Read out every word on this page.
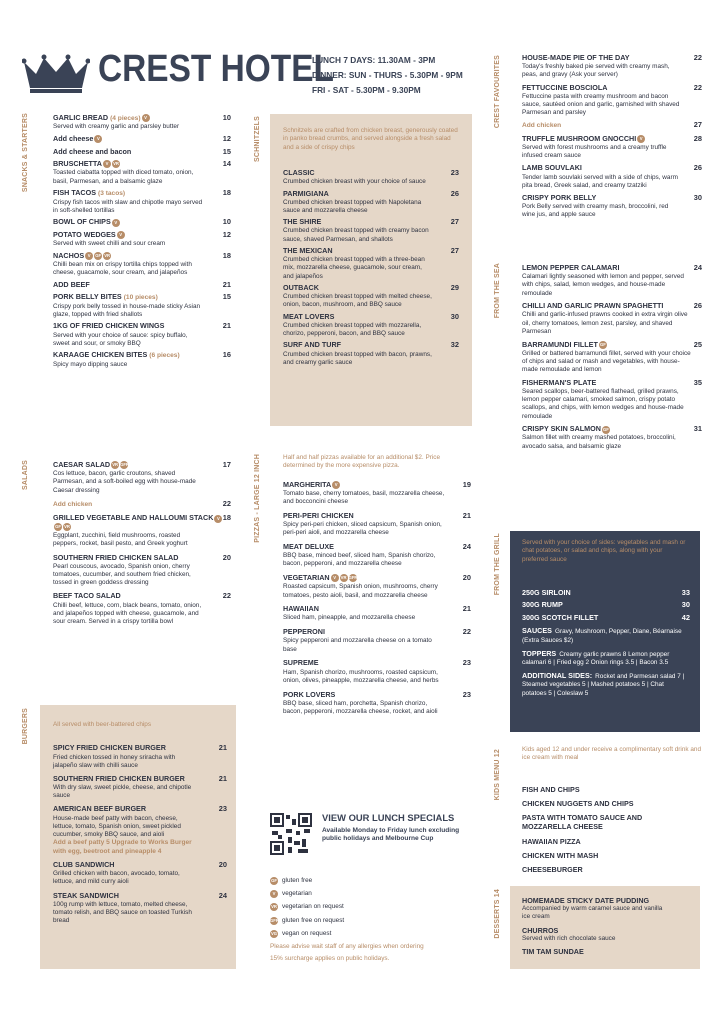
CREST HOTEL
LUNCH 7 DAYS: 11.30AM - 3PM
DINNER: SUN - THURS - 5.30PM - 9PM
FRI - SAT - 5.30PM - 9.30PM
SNACKS & STARTERS	GARLIC BREAD (4 pieces) V	10
Served with creamy garlic and parsley butter
Add cheese V	12
Add cheese and bacon	15
BRUSCHETTA V VR	14
Toasted ciabatta topped with diced tomato, onion, basil, Parmesan, and a balsamic glaze
FISH TACOS (3 tacos)	18
Crispy fish tacos with slaw and chipotle mayo served in soft-shelled tortillas
BOWL OF CHIPS V	10
POTATO WEDGES V	12
Served with sweet chilli and sour cream
NACHOS V GF VR	18
Chilli bean mix on crispy tortilla chips topped with cheese, guacamole, sour cream, and jalapeños
ADD BEEF	21
PORK BELLY BITES (10 pieces)	15
Crispy pork belly tossed in house-made sticky Asian glaze, topped with fried shallots
1KG OF FRIED CHICKEN WINGS	21
Served with your choice of sauce: spicy buffalo, sweet and sour, or smoky BBQ
KARAAGE CHICKEN BITES (6 pieces)	16
Spicy mayo dipping sauce
SALADS	CAESAR SALAD VR GFR	17
Cos lettuce, bacon, garlic croutons, shaved Parmesan, and a soft-boiled egg with house-made Caesar dressing
Add chicken	22
GRILLED VEGETABLE AND HALLOUMI STACK VGF VR
18
Eggplant, zucchini, field mushrooms, roasted peppers, rocket, basil pesto, and Greek yoghurt
SOUTHERN FRIED CHICKEN SALAD	20
Pearl couscous, avocado, Spanish onion, cherry tomatoes, cucumber, and southern fried chicken, tossed in green goddess dressing
BEEF TACO SALAD	22
Chilli beef, lettuce, corn, black beans, tomato, onion, and jalapeños topped with cheese, guacamole, and sour cream. Served in a crispy tortilla bowl
BURGERS	All served with beer-battered chips
SPICY FRIED CHICKEN BURGER	21
Fried chicken tossed in honey sriracha with jalapeño slaw with chilli sauce
SOUTHERN FRIED CHICKEN BURGER	21
With dry slaw, sweet pickle, cheese, and chipotle sauce
AMERICAN BEEF BURGER	23
House-made beef patty with bacon, cheese, lettuce, tomato, Spanish onion, sweet pickled cucumber, smoky BBQ sauce, and aioli
Add a beef patty 5 Upgrade to Works Burger with egg, beetroot and pineapple 4
CLUB SANDWICH	20
Grilled chicken with bacon, avocado, tomato, lettuce, and mild curry aioli
STEAK SANDWICH	24
100g rump with lettuce, tomato, melted cheese, tomato relish, and BBQ sauce on toasted Turkish bread
SCHNITZELS	Schnitzels are crafted from chicken breast, generously coated in panko bread crumbs, and served alongside a fresh salad and a side of crispy chips
CLASSIC	23
Crumbed chicken breast with your choice of sauce
PARMIGIANA	26
Crumbed chicken breast topped with Napoletana sauce and mozzarella cheese
THE SHIRE	27
Crumbed chicken breast topped with creamy bacon sauce, shaved Parmesan, and shallots
THE MEXICAN	27
Crumbed chicken breast topped with a three-bean mix, mozzarella cheese, guacamole, sour cream, and jalapeños
OUTBACK	29
Crumbed chicken breast topped with melted cheese, onion, bacon, mushroom, and BBQ sauce
MEAT LOVERS	30
Crumbed chicken breast topped with mozzarella, chorizo, pepperoni, bacon, and BBQ sauce
SURF AND TURF	32
Crumbed chicken breast topped with bacon, prawns, and creamy garlic sauce
PIZZAS - LARGE 12 INCH	Half and half pizzas available for an additional $2. Price determined by the more expensive pizza.
MARGHERITA V	19
Tomato base, cherry tomatoes, basil, mozzarella cheese, and bocconcini cheese
PERI-PERI CHICKEN	21
Spicy peri-peri chicken, sliced capsicum, Spanish onion, peri-peri aioli, and mozzarella cheese
MEAT DELUXE	24
BBQ base, minced beef, sliced ham, Spanish chorizo, bacon, pepperoni, and mozzarella cheese
VEGETARIAN V VR GFR	20
Roasted capsicum, Spanish onion, mushrooms, cherry tomatoes, pesto aioli, basil, and mozzarella cheese
HAWAIIAN	21
Sliced ham, pineapple, and mozzarella cheese
PEPPERONI	22
Spicy pepperoni and mozzarella cheese on a tomato base
SUPREME	23
Ham, Spanish chorizo, mushrooms, roasted capsicum, onion, olives, pineapple, mozzarella cheese, and herbs
PORK LOVERS	23
BBQ base, sliced ham, porchetta, Spanish chorizo, bacon, pepperoni, mozzarella cheese, rocket, and aioli
VIEW OUR LUNCH SPECIALS
Available Monday to Friday lunch excluding public holidays and Melbourne Cup
GF gluten free
V	vegetarian
VR vegetarian on request
GFR gluten free on request
VG vegan on request
Please advise wait staff of any allergies when ordering
15% surcharge applies on public holidays.
CREST FAVOURITES	HOUSE-MADE PIE OF THE DAY	22
Today's freshly baked pie served with creamy mash, peas, and gravy (Ask your server)
FETTUCCINE BOSCIOLA	22
Fettuccine pasta with creamy mushroom and bacon sauce, sautéed onion and garlic, garnished with shaved Parmesan and parsley
Add chicken	27
TRUFFLE MUSHROOM GNOCCHI V	28
Served with forest mushrooms and a creamy truffle infused cream sauce
LAMB SOUVLAKI	26
Tender lamb souvlaki served with a side of chips, warm pita bread, Greek salad, and creamy tzatziki
CRISPY PORK BELLY	30
Pork Belly served with creamy mash, broccolini, red wine jus, and apple sauce
FROM THE SEA	LEMON PEPPER CALAMARI	24
Calamari lightly seasoned with lemon and pepper, served with chips, salad, lemon wedges, and house-made remoulade
CHILLI AND GARLIC PRAWN SPAGHETTI	26
Chilli and garlic-infused prawns cooked in extra virgin olive oil, cherry tomatoes, lemon zest, parsley, and shaved Parmesan
BARRAMUNDI FILLET GF	25
Grilled or battered barramundi fillet, served with your choice of chips and salad or mash and vegetables, with house-made remoulade and lemon
FISHERMAN'S PLATE	35
Seared scallops, beer-battered flathead, grilled prawns, lemon pepper calamari, smoked salmon, crispy potato scallops, and chips, with lemon wedges and house-made remoulade
CRISPY SKIN SALMON GF	31
Salmon fillet with creamy mashed potatoes, broccolini, avocado salsa, and balsamic glaze
FROM THE GRILL	Served with your choice of sides: vegetables and mash or chat potatoes, or salad and chips, along with your preferred sauce
250G SIRLOIN	33
300G RUMP	30
300G SCOTCH FILLET	42
SAUCES Gravy, Mushroom, Pepper, Diane, Béarnaise (Extra Sauces $2)
TOPPERS Creamy garlic prawns 8 Lemon pepper calamari 6 | Fried egg 2 Onion rings 3.5 | Bacon 3.5
ADDITIONAL SIDES: Rocket and Parmesan salad 7 | Steamed vegetables 5 | Mashed potatoes 5 | Chat potatoes 5 | Coleslaw 5
KIDS MENU 12	Kids aged 12 and under receive a complimentary soft drink and ice cream with meal
FISH AND CHIPS
CHICKEN NUGGETS AND CHIPS
PASTA WITH TOMATO SAUCE AND MOZZARELLA CHEESE
HAWAIIAN PIZZA
CHICKEN WITH MASH
CHEESEBURGER
DESSERTS 14	HOMEMADE STICKY DATE PUDDING
Accompanied by warm caramel sauce and vanilla ice cream
CHURROS
Served with rich chocolate sauce
TIM TAM SUNDAE
